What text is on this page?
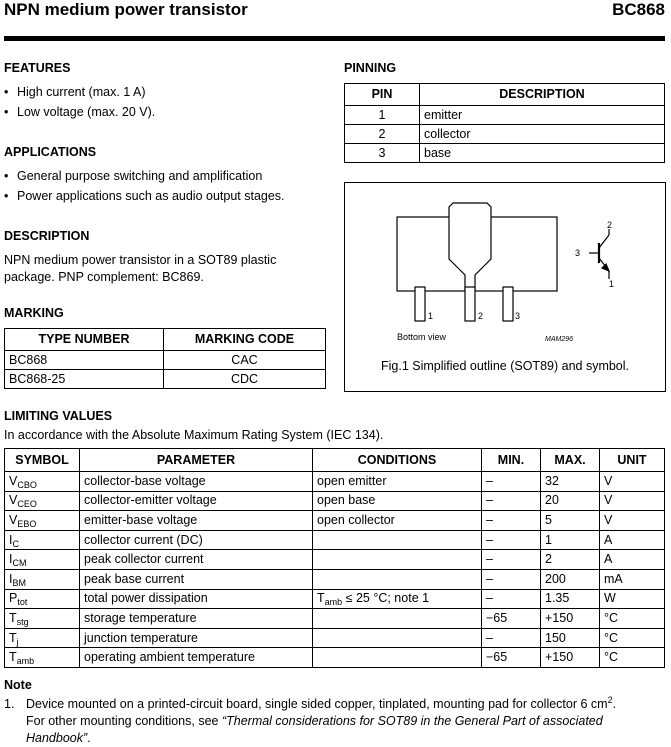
NPN medium power transistor	BC868
FEATURES
• High current (max. 1 A)
• Low voltage (max. 20 V).
APPLICATIONS
• General purpose switching and amplification
• Power applications such as audio output stages.
DESCRIPTION
NPN medium power transistor in a SOT89 plastic
package. PNP complement: BC869.
MARKING
TYPE NUMBER	MARKING CODE
BC868	CAC
BC868-25	CDC
PINNING
PIN	DESCRIPTION
1	emitter
2	collector
3	base
1	2	3
Bottom view	MAM296
2
3
1
Fig.1 Simplified outline (SOT89) and symbol.
LIMITING VALUES
In accordance with the Absolute Maximum Rating System (IEC 134).
SYMBOL	PARAMETER	CONDITIONS	MIN.	MAX.	UNIT
$V_{CBO}$	collector-base voltage	open emitter	–	32	V
$V_{CEO}$	collector-emitter voltage	open base	–	20	V
$V_{EBO}$	emitter-base voltage	open collector	–	5	V
$I_C$	collector current (DC)		–	1	A
$I_{CM}$	peak collector current		–	2	A
$I_{BM}$	peak base current		–	200	mA
$P_{tot}$	total power dissipation	$T_{amb} \le 25$ °C; note 1	–	1.35	W
$T_{stg}$	storage temperature		−65	+150	°C
$T_j$	junction temperature		–	150	°C
$T_{amb}$	operating ambient temperature		−65	+150	°C
Note
1. Device mounted on a printed-circuit board, single sided copper, tinplated, mounting pad for collector 6 $cm^2$.
For other mounting conditions, see “Thermal considerations for SOT89 in the General Part of associated Handbook”.
